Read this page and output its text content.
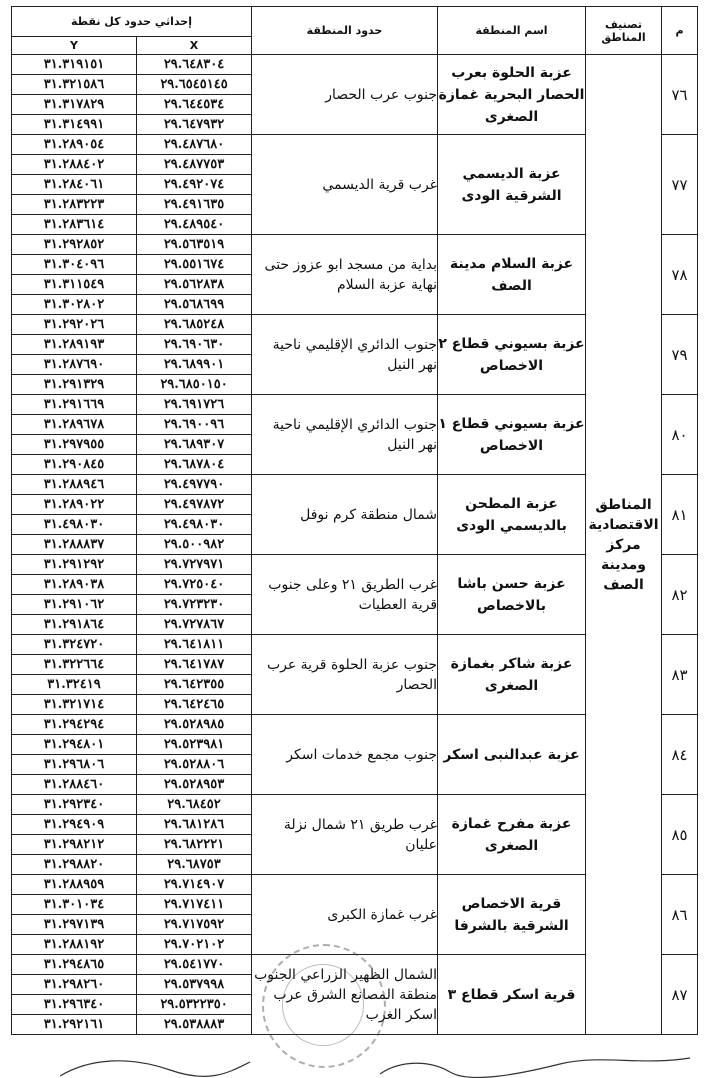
إحداثي حدود كل نقطة		حدود المنطقة	اسم المنطقة	تصنيف المناطق	م
Y	X				
٣١.٣١٩١٥١	٢٩.٦٤٨٣٠٤	جنوب عرب الحصار	عزبة الحلوة بعرب الحصار البحرية غمازة الصغرى	المناطق الاقتصادية مركز ومدينة الصف	٧٦
٣١.٣٢١٥٨٦	٢٩.٦٥٤٥١٤٥				
٣١.٣١٧٨٢٩	٢٩.٦٤٤٥٣٤				
٣١.٣١٤٩٩١	٢٩.٦٤٧٩٣٢				
٣١.٢٨٩٠٥٤	٢٩.٤٨٧٦٨٠	غرب قرية الديسمي	عزبة الديسمي الشرقية الودى		٧٧
٣١.٢٨٨٤٠٢	٢٩.٤٨٧٧٥٣				
٣١.٢٨٤٠٦١	٢٩.٤٩٢٠٧٤				
٣١.٢٨٣٢٢٣	٢٩.٤٩١٦٣٥				
٣١.٢٨٣٦١٤	٢٩.٤٨٩٥٤٠				
٣١.٢٩٢٨٥٢	٢٩.٥٦٣٥١٩	بداية من مسجد ابو عزوز حتى نهاية عزبة السلام	عزبة السلام مدينة الصف		٧٨
٣١.٣٠٤٠٩٦	٢٩.٥٥١٦٧٤				
٣١.٣١١٥٤٩	٢٩.٥٦٢٨٣٨				
٣١.٣٠٢٨٠٢	٢٩.٥٦٨٦٩٩				
٣١.٢٩٢٠٢٦	٢٩.٦٨٥٢٤٨	جنوب الدائري الإقليمي ناحية نهر النيل	عزبة بسيوني قطاع ٢ الاخصاص		٧٩
٣١.٢٨٩١٩٣	٢٩.٦٩٠٦٣٠				
٣١.٢٨٧٦٩٠	٢٩.٦٨٩٩٠١				
٣١.٢٩١٣٢٩	٢٩.٦٨٥٠١٥٠				
٣١.٢٩١٦٦٩	٢٩.٦٩١٧٢٦	جنوب الدائري الإقليمي ناحية نهر النيل	عزبة بسيوني قطاع ١ الاخصاص		٨٠
٣١.٢٨٩٦٧٨	٢٩.٦٩٠٠٩٦				
٣١.٢٩٧٩٥٥	٢٩.٦٨٩٣٠٧				
٣١.٢٩٠٨٤٥	٢٩.٦٨٧٨٠٤				
٣١.٢٨٨٩٤٦	٢٩.٤٩٧٧٩٠	شمال منطقة كرم نوفل	عزبة المطحن بالديسمي الودى		٨١
٣١.٢٨٩٠٢٢	٢٩.٤٩٧٨٧٢				
٣١.٤٩٨٠٣٠	٢٩.٤٩٨٠٣٠				
٣١.٢٨٨٨٣٧	٢٩.٥٠٠٩٨٢				
٣١.٢٩١٢٩٢	٢٩.٧٢٧٩٧١	غرب الطريق ٢١ وعلى جنوب قرية العطيات	عزبة حسن باشا بالاخصاص		٨٢
٣١.٢٨٩٠٣٨	٢٩.٧٢٥٠٤٠				
٣١.٢٩١٠٦٢	٢٩.٧٢٣٢٣٠				
٣١.٢٩١٨٦٤	٢٩.٧٢٧٨٦٧				
٣١.٣٢٤٧٢٠	٢٩.٦٤١٨١١	جنوب عزبة الحلوة قرية عرب الحصار	عزبة شاكر بغمازة الصغرى		٨٣
٣١.٣٢٢٦٦٤	٢٩.٦٤١٧٨٧				
٣١.٣٢٤١٩	٢٩.٦٤٢٣٥٥				
٣١.٣٢١٧١٤	٢٩.٦٤٢٤٦٥				
٣١.٢٩٤٢٩٤	٢٩.٥٢٨٩٨٥	جنوب مجمع خدمات اسكر	عزبة عبدالنبى اسكر		٨٤
٣١.٢٩٤٨٠١	٢٩.٥٢٣٩٨١				
٣١.٢٩٦٨٠٦	٢٩.٥٢٨٨٠٦				
٣١.٢٨٨٤٦٠	٢٩.٥٢٨٩٥٣				
٣١.٢٩٢٣٤٠	٢٩.٦٨٤٥٢	غرب طريق ٢١ شمال نزلة عليان	عزبة مفرح غمازة الصغرى		٨٥
٣١.٢٩٤٩٠٩	٢٩.٦٨١٢٨٦				
٣١.٢٩٨٢١٢	٢٩.٦٨٢٢٢١				
٣١.٢٩٨٨٢٠	٢٩.٦٨٧٥٣				
٣١.٢٨٨٩٥٩	٢٩.٧١٤٩٠٧	غرب غمازة الكبرى	قرية الاخصاص الشرقية بالشرفا		٨٦
٣١.٣٠١٠٣٤	٢٩.٧١٧٤١١				
٣١.٢٩٧١٣٩	٢٩.٧١٧٥٩٢				
٣١.٢٨٨١٩٢	٢٩.٧٠٢١٠٢				
٣١.٢٩٤٨٦٥	٢٩.٥٤١٧٧٠	الشمال الظهير الزراعي الجنوب منطقة المصانع الشرق عرب اسكر الغرب	قرية اسكر قطاع ٣		٨٧
٣١.٢٩٨٢٦٠	٢٩.٥٣٧٩٩٨				
٣١.٢٩٦٣٤٠	٢٩.٥٣٢٢٣٥٠				
٣١.٢٩٢١٦١	٢٩.٥٣٨٨٨٣				
